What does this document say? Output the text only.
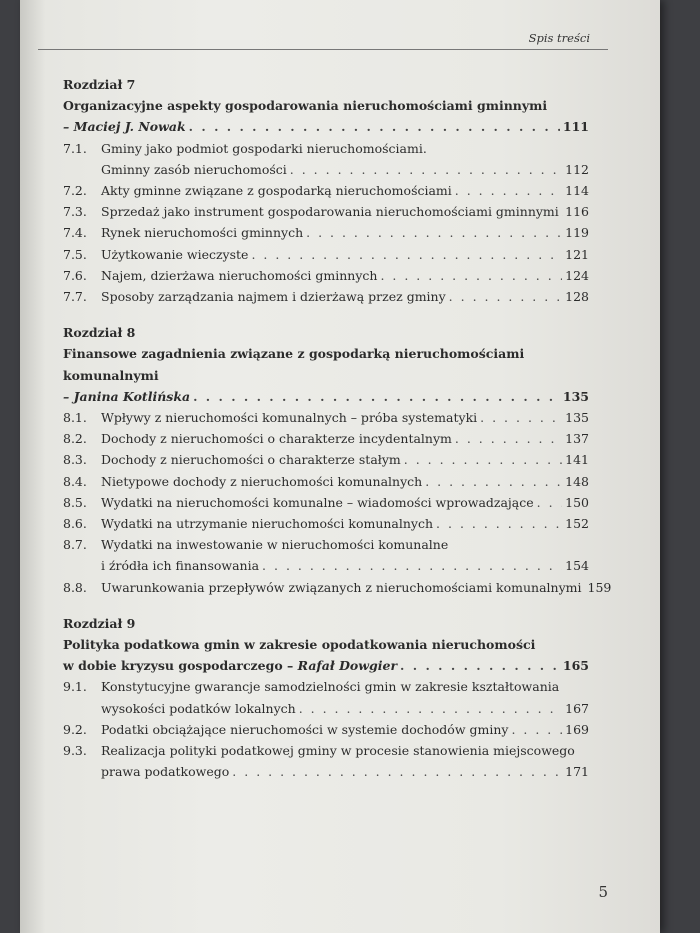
Spis treści
Rozdział 7
Organizacyjne aspekty gospodarowania nieruchomościami gminnymi
– Maciej J. Nowak . . .	111
7.1. Gminy jako podmiot gospodarki nieruchomościami.
Gminny zasób nieruchomości . . .	112
7.2. Akty gminne związane z gospodarką nieruchomościami . . .	114
7.3. Sprzedaż jako instrument gospodarowania nieruchomościami gminnymi . . . 116
7.4. Rynek nieruchomości gminnych . . .	119
7.5. Użytkowanie wieczyste . . .	121
7.6. Najem, dzierżawa nieruchomości gminnych . . .	124
7.7. Sposoby zarządzania najmem i dzierżawą przez gminy . . .	128
Rozdział 8
Finansowe zagadnienia związane z gospodarką nieruchomościami komunalnymi
– Janina Kotlińska . . .	135
8.1. Wpływy z nieruchomości komunalnych – próba systematyki . . .	135
8.2. Dochody z nieruchomości o charakterze incydentalnym . . .	137
8.3. Dochody z nieruchomości o charakterze stałym . . .	141
8.4. Nietypowe dochody z nieruchomości komunalnych . . .	148
8.5. Wydatki na nieruchomości komunalne – wiadomości wprowadzające . . .	150
8.6. Wydatki na utrzymanie nieruchomości komunalnych . . .	152
8.7. Wydatki na inwestowanie w nieruchomości komunalne
i źródła ich finansowania . . .	154
8.8. Uwarunkowania przepływów związanych z nieruchomościami komunalnymi 159
Rozdział 9
Polityka podatkowa gmin w zakresie opodatkowania nieruchomości
w dobie kryzysu gospodarczego – Rafał Dowgier . . .	165
9.1. Konstytucyjne gwarancje samodzielności gmin w zakresie kształtowania
wysokości podatków lokalnych . . .	167
9.2. Podatki obciążające nieruchomości w systemie dochodów gminy . . .	169
9.3. Realizacja polityki podatkowej gminy w procesie stanowienia miejscowego
prawa podatkowego . . .	171
5
